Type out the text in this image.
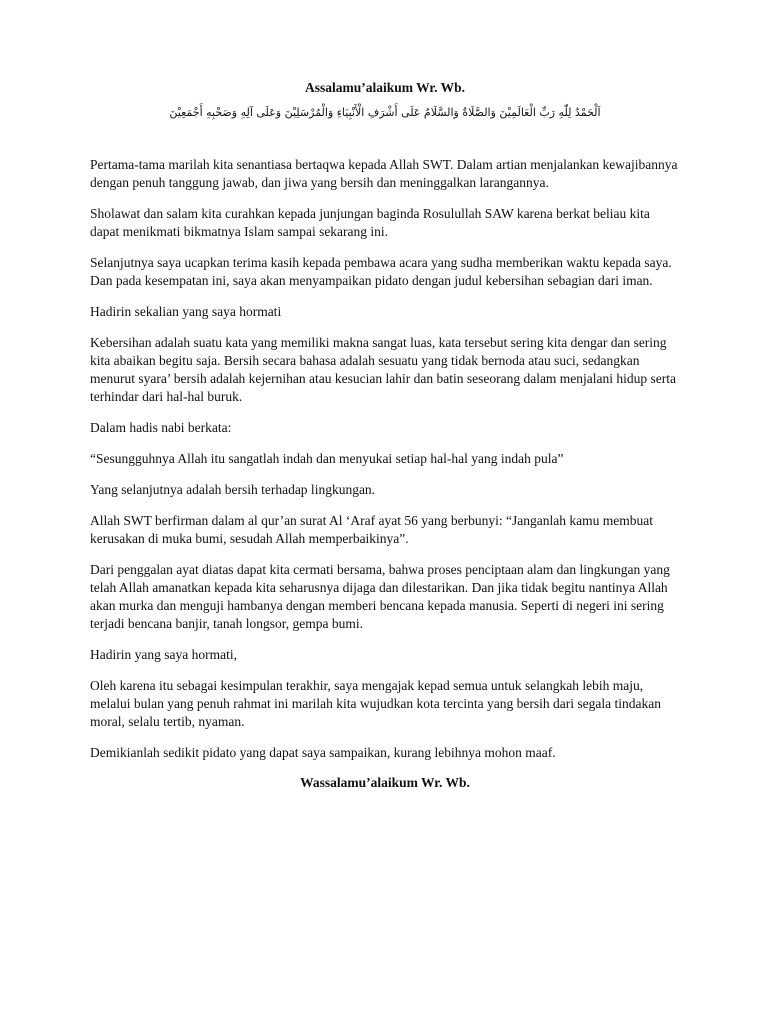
Assalamu’alaikum Wr. Wb.
اَلْحَمْدُ لِلّٰهِ رَبِّ الْعَالَمِيْنَ وَالصَّلَاةُ وَالسَّلَامُ عَلَى أَشْرَفِ الْأَنْبِيَاءِ وَالْمُرْسَلِيْنَ وَعَلَى آلِهِ وَصَحْبِهِ أَجْمَعِيْنَ

Pertama-tama marilah kita senantiasa bertaqwa kepada Allah SWT. Dalam artian menjalankan kewajibannya dengan penuh tanggung jawab, dan jiwa yang bersih dan meninggalkan larangannya.

Sholawat dan salam kita curahkan kepada junjungan baginda Rosulullah SAW karena berkat beliau kita dapat menikmati bikmatnya Islam sampai sekarang ini.

Selanjutnya saya ucapkan terima kasih kepada pembawa acara yang sudha memberikan waktu kepada saya. Dan pada kesempatan ini, saya akan menyampaikan pidato dengan judul kebersihan sebagian dari iman.

Hadirin sekalian yang saya hormati

Kebersihan adalah suatu kata yang memiliki makna sangat luas, kata tersebut sering kita dengar dan sering kita abaikan begitu saja. Bersih secara bahasa adalah sesuatu yang tidak bernoda atau suci, sedangkan menurut syara’ bersih adalah kejernihan atau kesucian lahir dan batin seseorang dalam menjalani hidup serta terhindar dari hal-hal buruk.

Dalam hadis nabi berkata:

“Sesungguhnya Allah itu sangatlah indah dan menyukai setiap hal-hal yang indah pula”

Yang selanjutnya adalah bersih terhadap lingkungan.

Allah SWT berfirman dalam al qur’an surat Al ‘Araf ayat 56 yang berbunyi: “Janganlah kamu membuat kerusakan di muka bumi, sesudah Allah memperbaikinya”.

Dari penggalan ayat diatas dapat kita cermati bersama, bahwa proses penciptaan alam dan lingkungan yang telah Allah amanatkan kepada kita seharusnya dijaga dan dilestarikan. Dan jika tidak begitu nantinya Allah akan murka dan menguji hambanya dengan memberi bencana kepada manusia. Seperti di negeri ini sering terjadi bencana banjir, tanah longsor, gempa bumi.

Hadirin yang saya hormati,

Oleh karena itu sebagai kesimpulan terakhir, saya mengajak kepad semua untuk selangkah lebih maju, melalui bulan yang penuh rahmat ini marilah kita wujudkan kota tercinta yang bersih dari segala tindakan moral, selalu tertib, nyaman.

Demikianlah sedikit pidato yang dapat saya sampaikan, kurang lebihnya mohon maaf.

Wassalamu’alaikum Wr. Wb.
